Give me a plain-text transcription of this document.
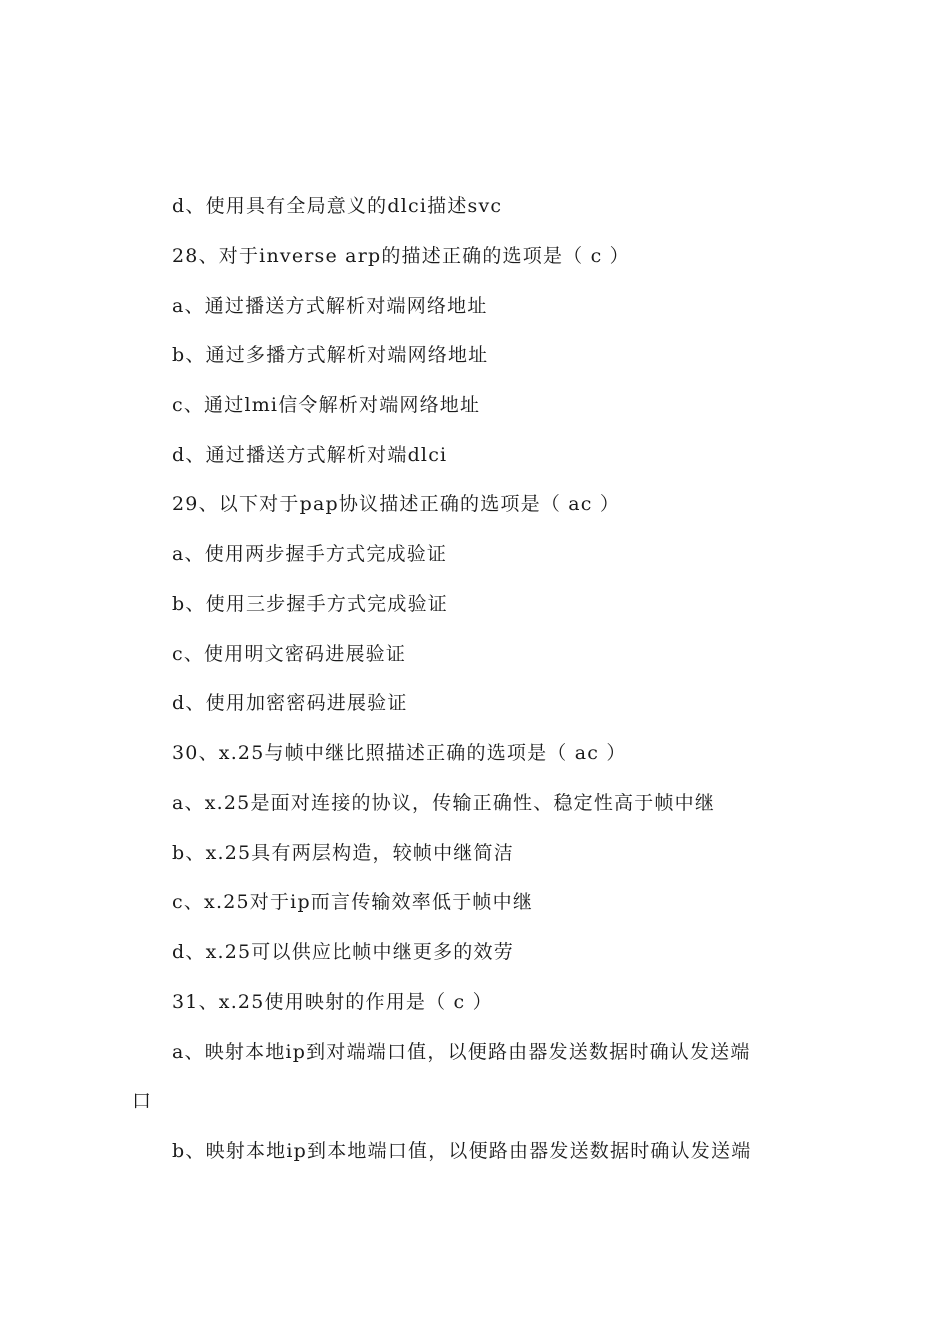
d、使用具有全局意义的dlci描述svc
28、对于inverse arp的描述正确的选项是（ c ）
a、通过播送方式解析对端网络地址
b、通过多播方式解析对端网络地址
c、通过lmi信令解析对端网络地址
d、通过播送方式解析对端dlci
29、以下对于pap协议描述正确的选项是（ ac ）
a、使用两步握手方式完成验证
b、使用三步握手方式完成验证
c、使用明文密码进展验证
d、使用加密密码进展验证
30、x.25与帧中继比照描述正确的选项是（ ac ）
a、x.25是面对连接的协议，传输正确性、稳定性高于帧中继
b、x.25具有两层构造，较帧中继简洁
c、x.25对于ip而言传输效率低于帧中继
d、x.25可以供应比帧中继更多的效劳
31、x.25使用映射的作用是（ c ）
a、映射本地ip到对端端口值，以便路由器发送数据时确认发送端
口
b、映射本地ip到本地端口值，以便路由器发送数据时确认发送端
